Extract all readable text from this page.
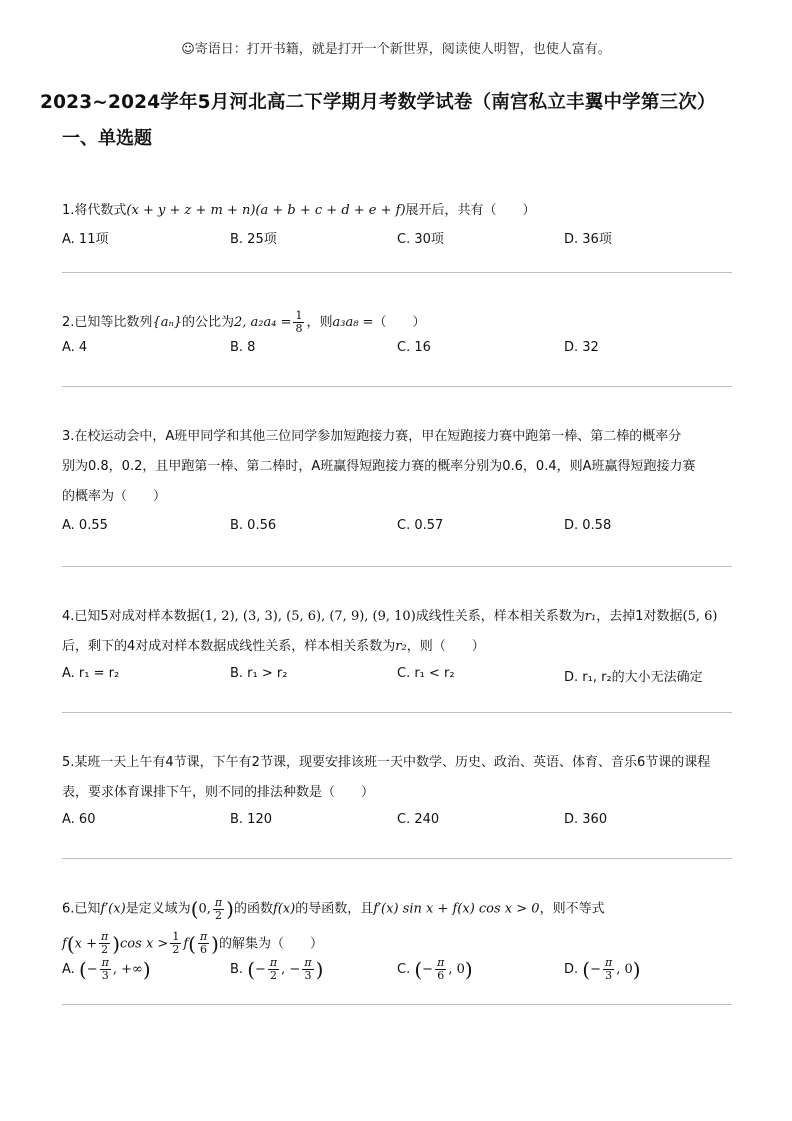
☺寄语日：打开书籍，就是打开一个新世界，阅读使人明智，也使人富有。
2023~2024学年5月河北高二下学期月考数学试卷（南宫私立丰翼中学第三次）
一、单选题
1.将代数式(x + y + z + m + n)(a + b + c + d + e + f)展开后，共有（　　）
A. 11项	B. 25项	C. 30项	D. 36项
2.已知等比数列{aₙ}的公比为2, $a_2a_4 = \frac{1}{8}$ ，则a₃a₈ =（　　）
A. 4	B. 8	C. 16	D. 32
3.在校运动会中，A班甲同学和其他三位同学参加短跑接力赛，甲在短跑接力赛中跑第一棒、第二棒的概率分
别为0.8，0.2，且甲跑第一棒、第二棒时，A班赢得短跑接力赛的概率分别为0.6，0.4，则A班赢得短跑接力赛
的概率为（　　）
A. 0.55	B. 0.56	C. 0.57	D. 0.58
4.已知5对成对样本数据(1, 2), (3, 3), (5, 6), (7, 9), (9, 10)成线性关系，样本相关系数为r₁，去掉1对数据(5, 6)
后，剩下的4对成对样本数据成线性关系，样本相关系数为r₂，则（　　）
A. r₁ = r₂	B. r₁ > r₂	C. r₁ < r₂	D. r₁, r₂的大小无法确定
5.某班一天上午有4节课，下午有2节课，现要安排该班一天中数学、历史、政治、英语、体育、音乐6节课的课程
表，要求体育课排下午，则不同的排法种数是（　　）
A. 60	B. 120	C. 240	D. 360
6.已知f′(x)是定义域为(0, $\frac{\pi}{2}$ )的函数f(x)的导函数，且f′(x) sin x + f(x) cos x > 0，则不等式
$f(x + \frac{\pi}{2} )\cos$ $x > \frac{1}{2} f( \frac{\pi}{6}$ )的解集为（　　）
A. (− $\frac{\pi}{3}$ , +∞)	B. (− $\frac{\pi}{2}$ , − $\frac{\pi}{3}$ )	C. (− $\frac{\pi}{6}$ , 0)	D. (− $\frac{\pi}{3}$ , 0)
